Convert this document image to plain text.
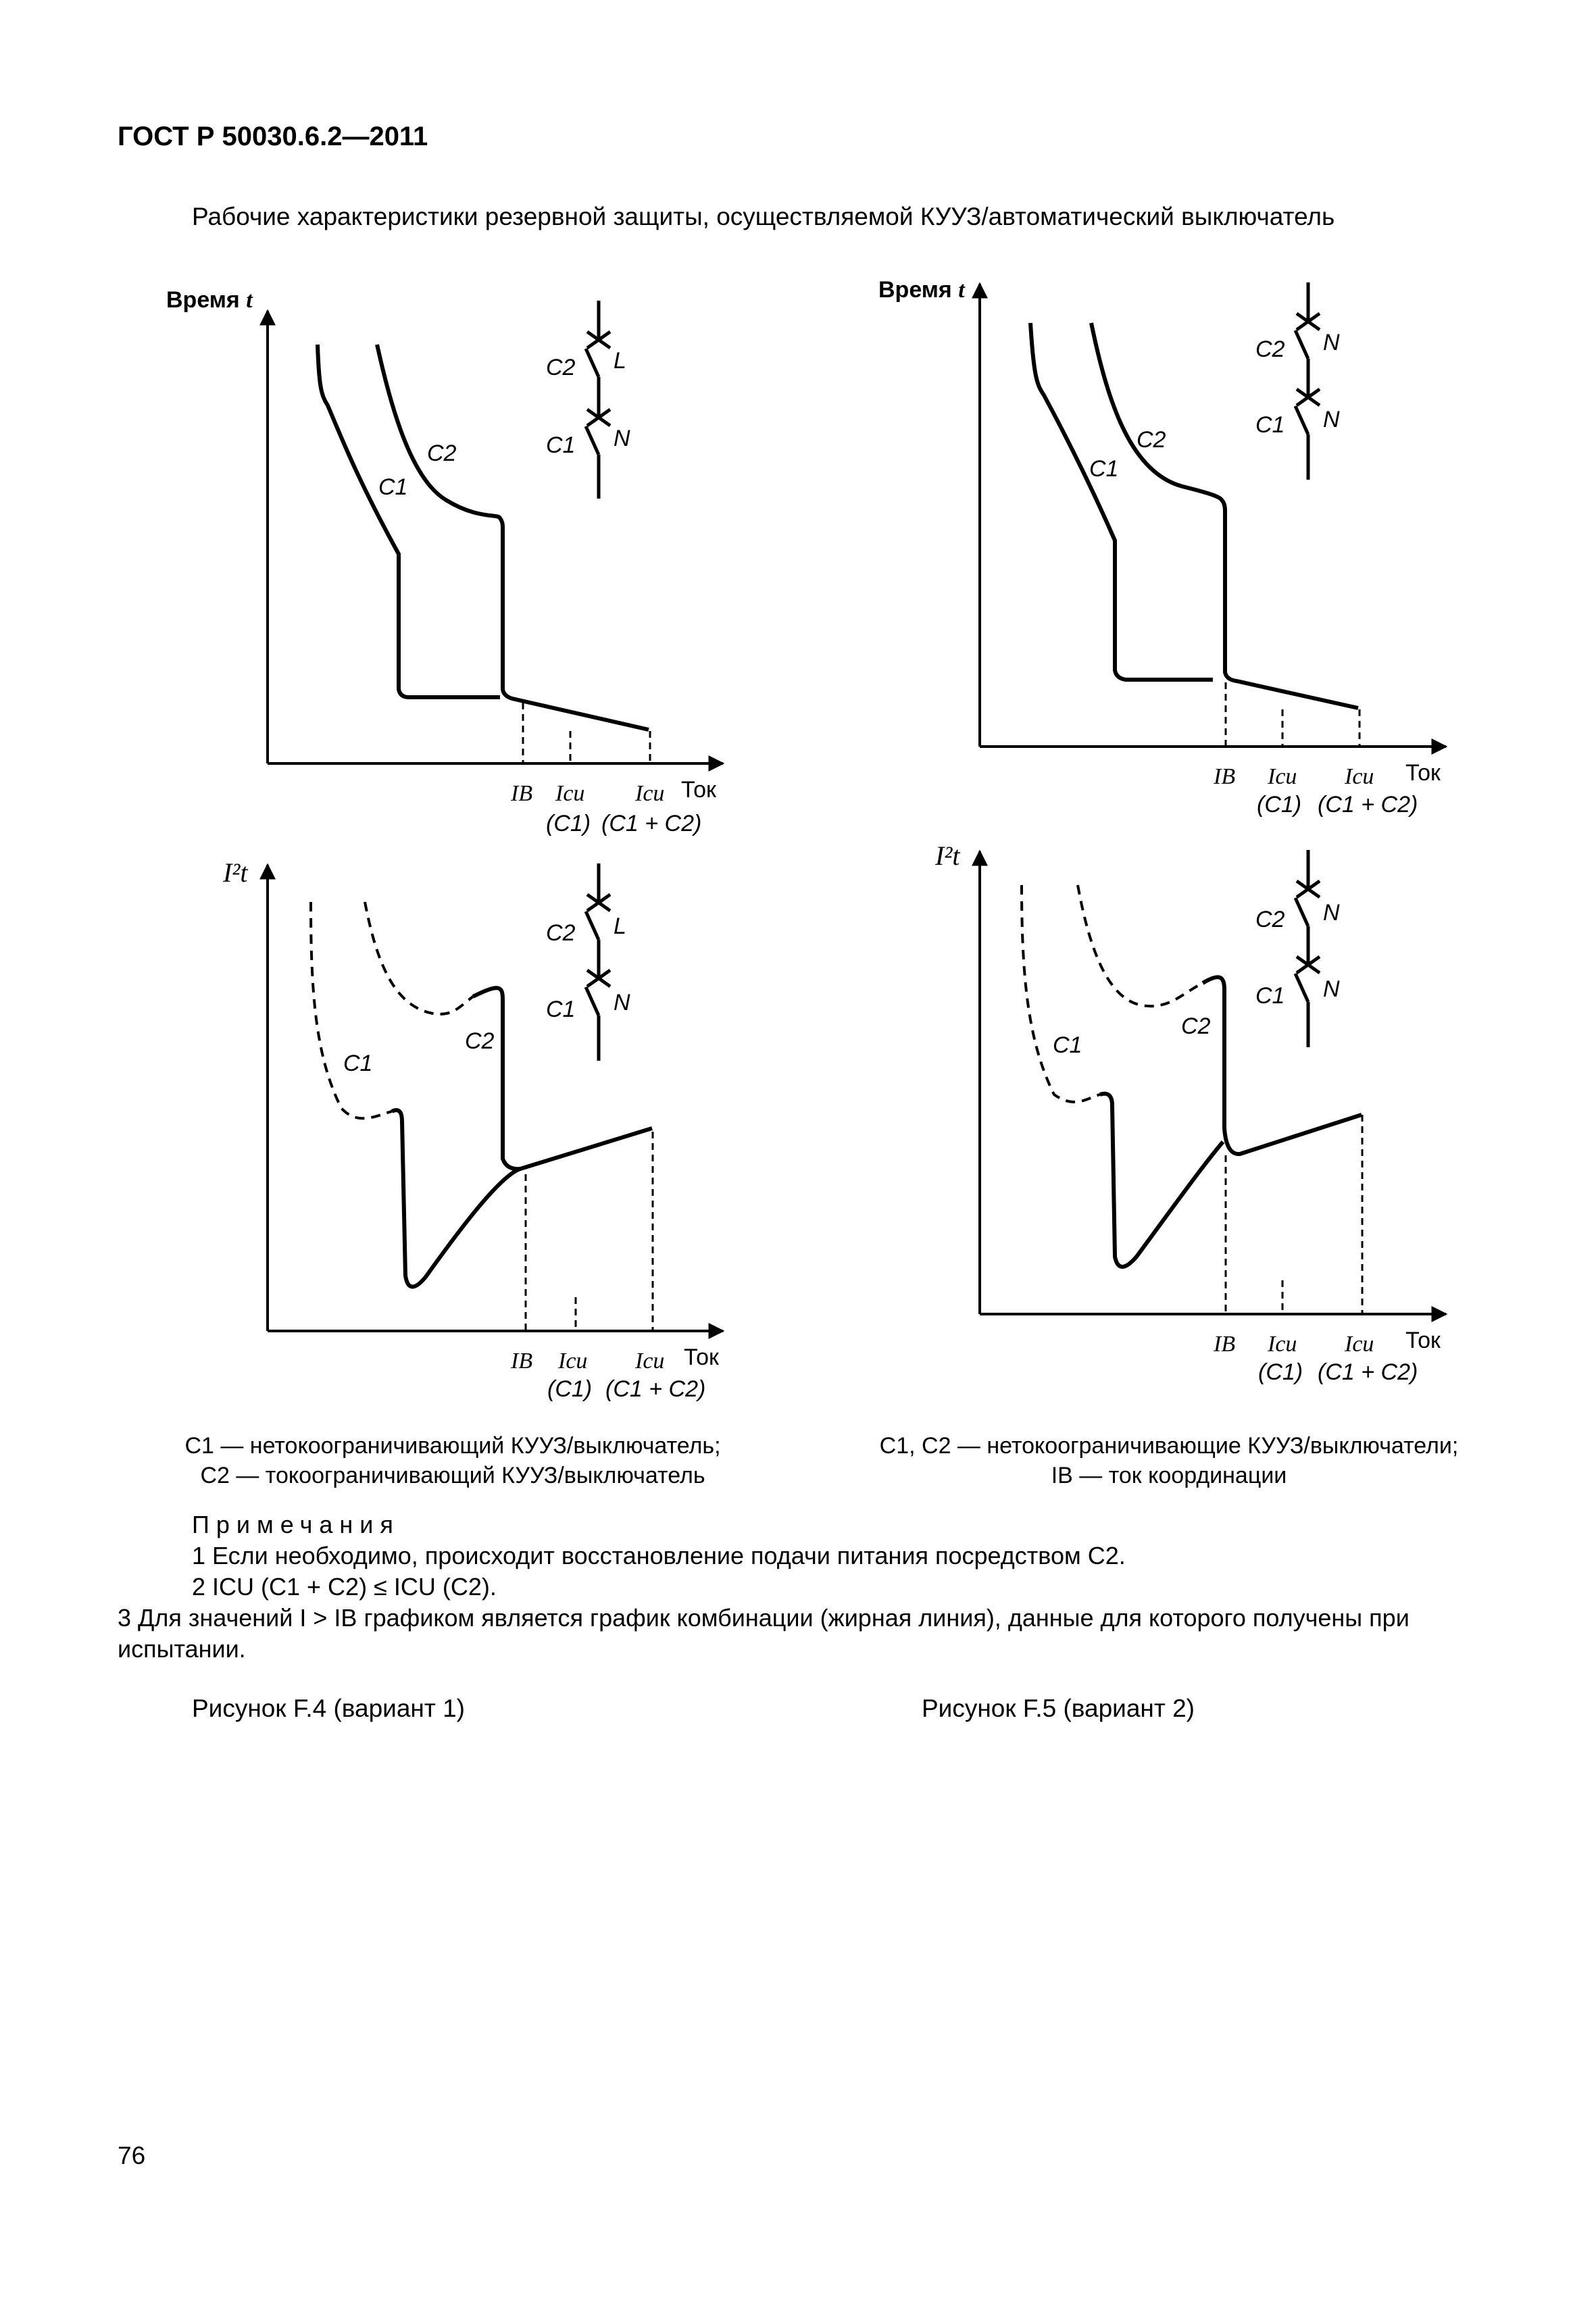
ГОСТ Р 50030.6.2—2011
Рабочие характеристики резервной защиты, осуществляемой КУУЗ/автоматический выключатель
Время t
C1
C2
C2 L
C1 N
IB Icu Icu Ток
(C1) (C1 + C2)
Время t
C1
C2
C2 N
C1 N
IB Icu Icu Ток
(C1) (C1 + C2)
I²t
C1
C2
C2 L
C1 N
IB Icu Icu Ток
(C1) (C1 + C2)
I²t
C1
C2
C2 N
C1 N
IB Icu Icu Ток
(C1) (C1 + C2)
C1 — нетокоограничивающий КУУЗ/выключатель;
C2 — токоограничивающий КУУЗ/выключатель
C1, C2 — нетокоограничивающие КУУЗ/выключатели;
IB — ток координации

Примечания

1 Если необходимо, происходит восстановление подачи питания посредством C2.

2 ICU (C1 + C2) ≤ ICU (C2).

3 Для значений I > IB графиком является график комбинации (жирная линия), данные для которого получены при испытании.

Рисунок F.4 (вариант 1)	Рисунок F.5 (вариант 2)
76
